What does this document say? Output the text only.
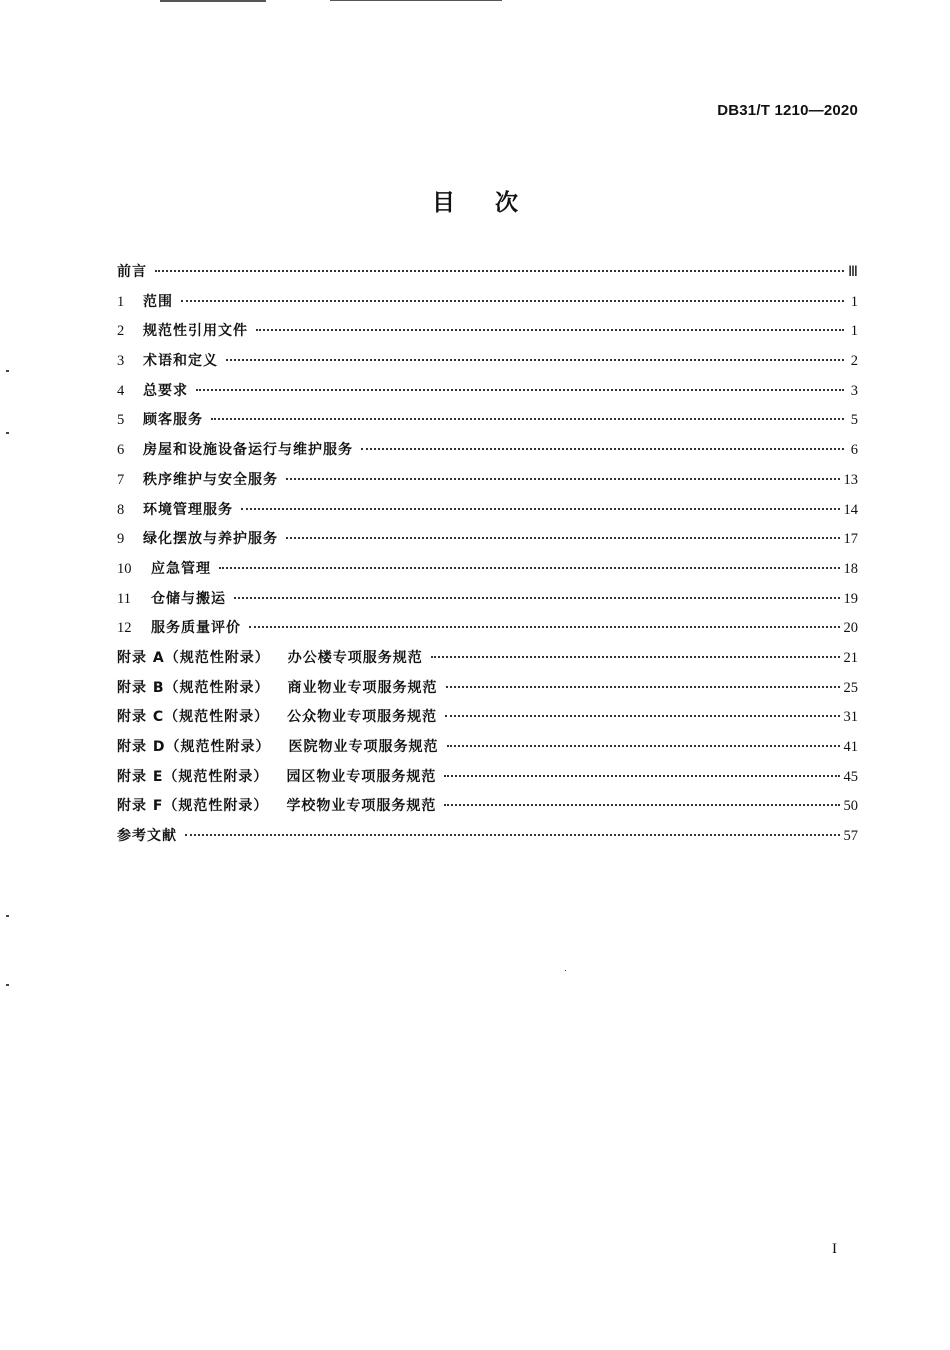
DB31/T 1210—2020
目次
前言	Ⅲ
1	范围	1
2	规范性引用文件	1
3	术语和定义	2
4	总要求	3
5	顾客服务	5
6	房屋和设施设备运行与维护服务	6
7	秩序维护与安全服务	13
8	环境管理服务	14
9	绿化摆放与养护服务	17
10	应急管理	18
11	仓储与搬运	19
12	服务质量评价	20
附录 A（规范性附录） 办公楼专项服务规范	21
附录 B（规范性附录） 商业物业专项服务规范	25
附录 C（规范性附录） 公众物业专项服务规范	31
附录 D（规范性附录） 医院物业专项服务规范	41
附录 E（规范性附录） 园区物业专项服务规范	45
附录 F（规范性附录） 学校物业专项服务规范	50
参考文献	57
I
